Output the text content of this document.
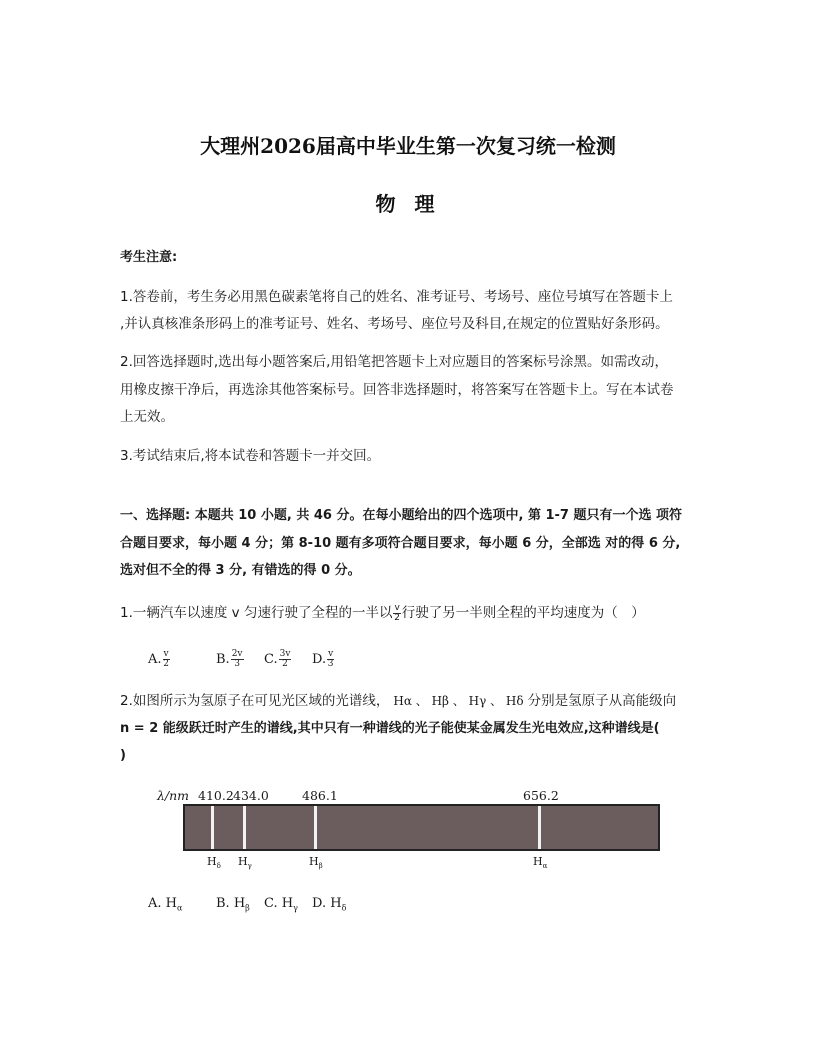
大理州2026届高中毕业生第一次复习统一检测
物 理
考生注意:
1.答卷前，考生务必用黑色碳素笔将自己的姓名、准考证号、考场号、座位号填写在答题卡上
,并认真核准条形码上的准考证号、姓名、考场号、座位号及科目,在规定的位置贴好条形码。
2.回答选择题时,选出每小题答案后,用铅笔把答题卡上对应题目的答案标号涂黑。如需改动，
用橡皮擦干净后，再选涂其他答案标号。回答非选择题时，将答案写在答题卡上。写在本试卷
上无效。
3.考试结束后,将本试卷和答题卡一并交回。
一、选择题: 本题共 10 小题, 共 46 分。在每小题给出的四个选项中, 第 1-7 题只有一个选 项符
合题目要求，每小题 4 分；第 8-10 题有多项符合题目要求，每小题 6 分，全部选 对的得 6 分,
选对但不全的得 3 分, 有错选的得 0 分。
1.一辆汽车以速度 v 匀速行驶了全程的一半以 $\frac{v}{2}$ 行驶了另一半则全程的平均速度为（　）
A. $\frac{v}{2}$	B. $\frac{2v}{3} C$. $\frac{3v}{2} D$. $\frac{v}{3}$
2.如图所示为氢原子在可见光区域的光谱线， Hα 、 Hβ 、 Hγ 、 Hδ 分别是氢原子从高能级向
n = 2 能级跃迁时产生的谱线,其中只有一种谱线的光子能使某金属发生光电效应,这种谱线是(
)
λ/nm 410.2 434.0	486.1	656.2
$H_\delta$ $H_\gamma$	$H_\beta$	$H_\alpha$
A. $H_\alpha$	B. $H_\beta$ C. $H_\gamma$ D. $H_\delta$
